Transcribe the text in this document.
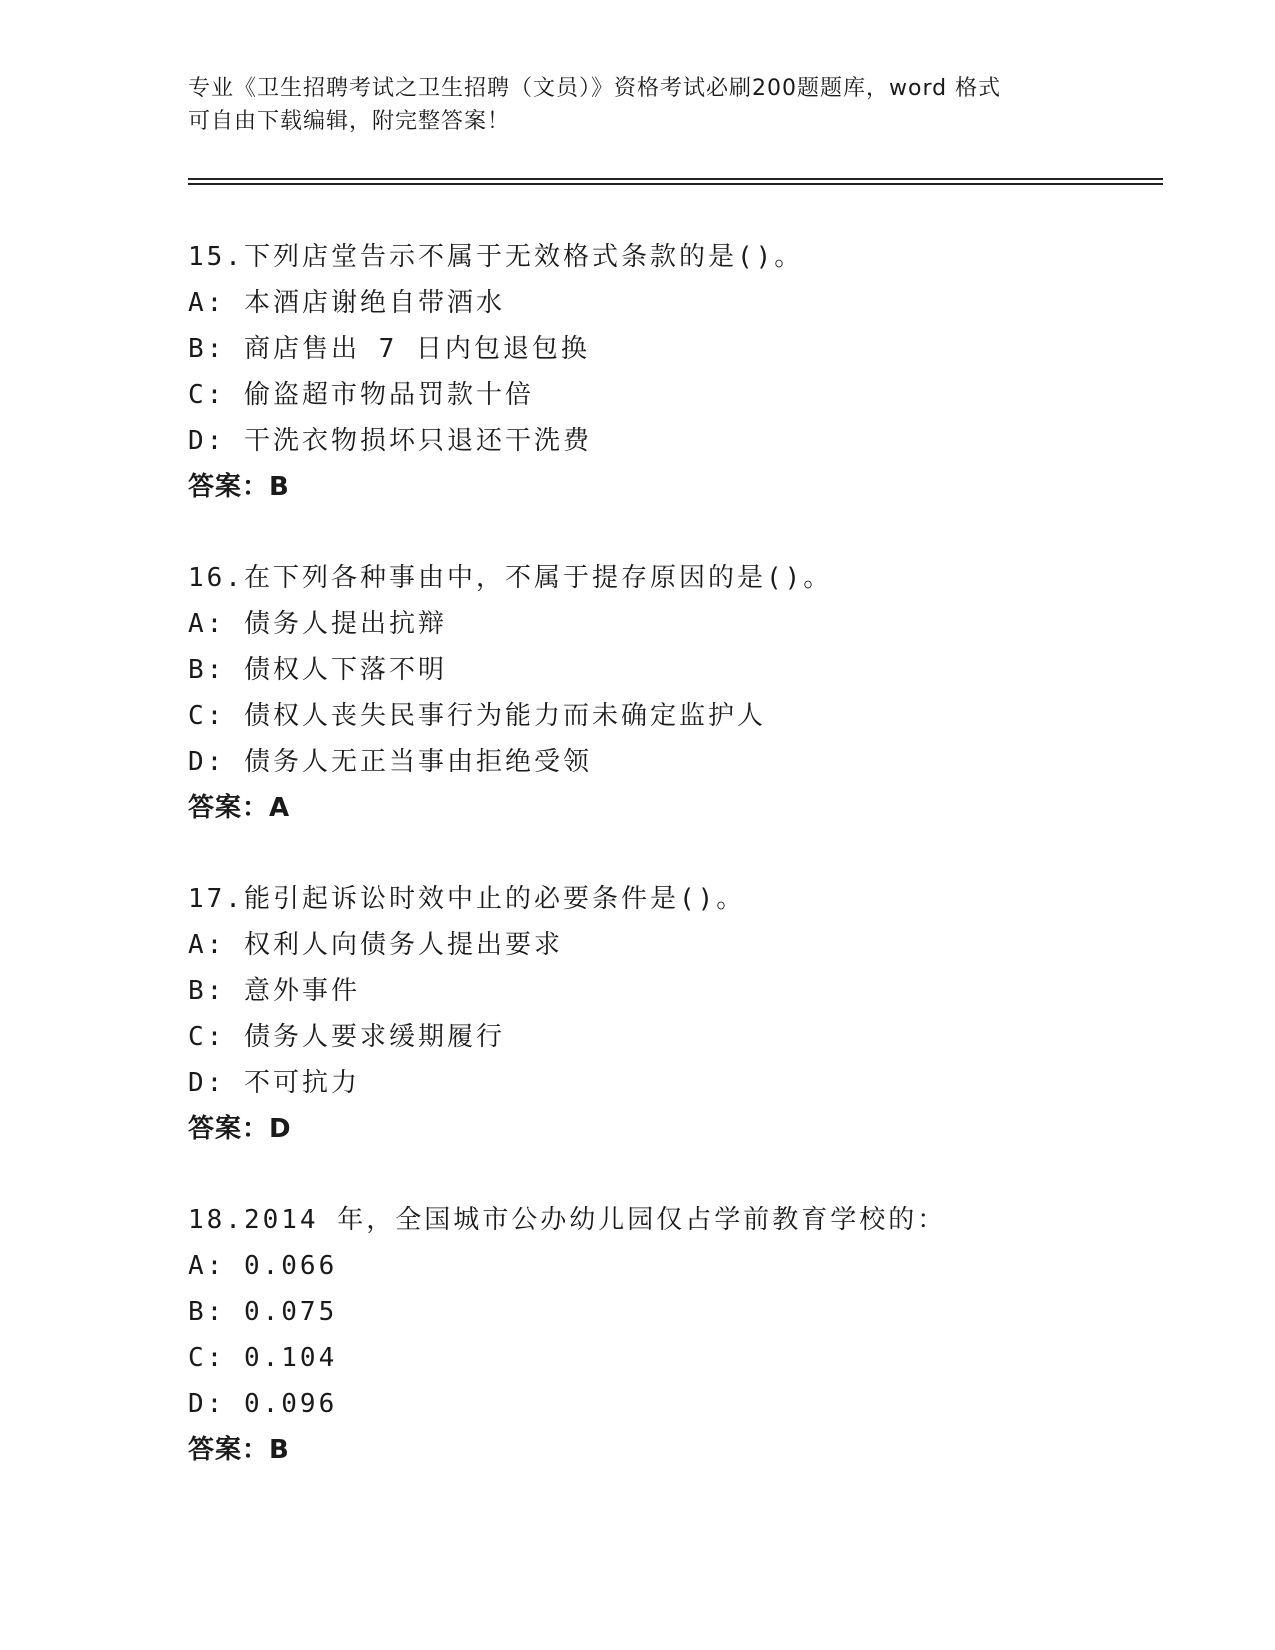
专业《卫生招聘考试之卫生招聘（文员）》资格考试必刷200题题库，word 格式
可自由下载编辑，附完整答案！
15.下列店堂告示不属于无效格式条款的是()。
A: 本酒店谢绝自带酒水
B: 商店售出 7 日内包退包换
C: 偷盗超市物品罚款十倍
D: 干洗衣物损坏只退还干洗费
答案：B
16.在下列各种事由中，不属于提存原因的是()。
A: 债务人提出抗辩
B: 债权人下落不明
C: 债权人丧失民事行为能力而未确定监护人
D: 债务人无正当事由拒绝受领
答案：A
17.能引起诉讼时效中止的必要条件是()。
A: 权利人向债务人提出要求
B: 意外事件
C: 债务人要求缓期履行
D: 不可抗力
答案：D
18.2014 年，全国城市公办幼儿园仅占学前教育学校的：
A: 0.066
B: 0.075
C: 0.104
D: 0.096
答案：B
